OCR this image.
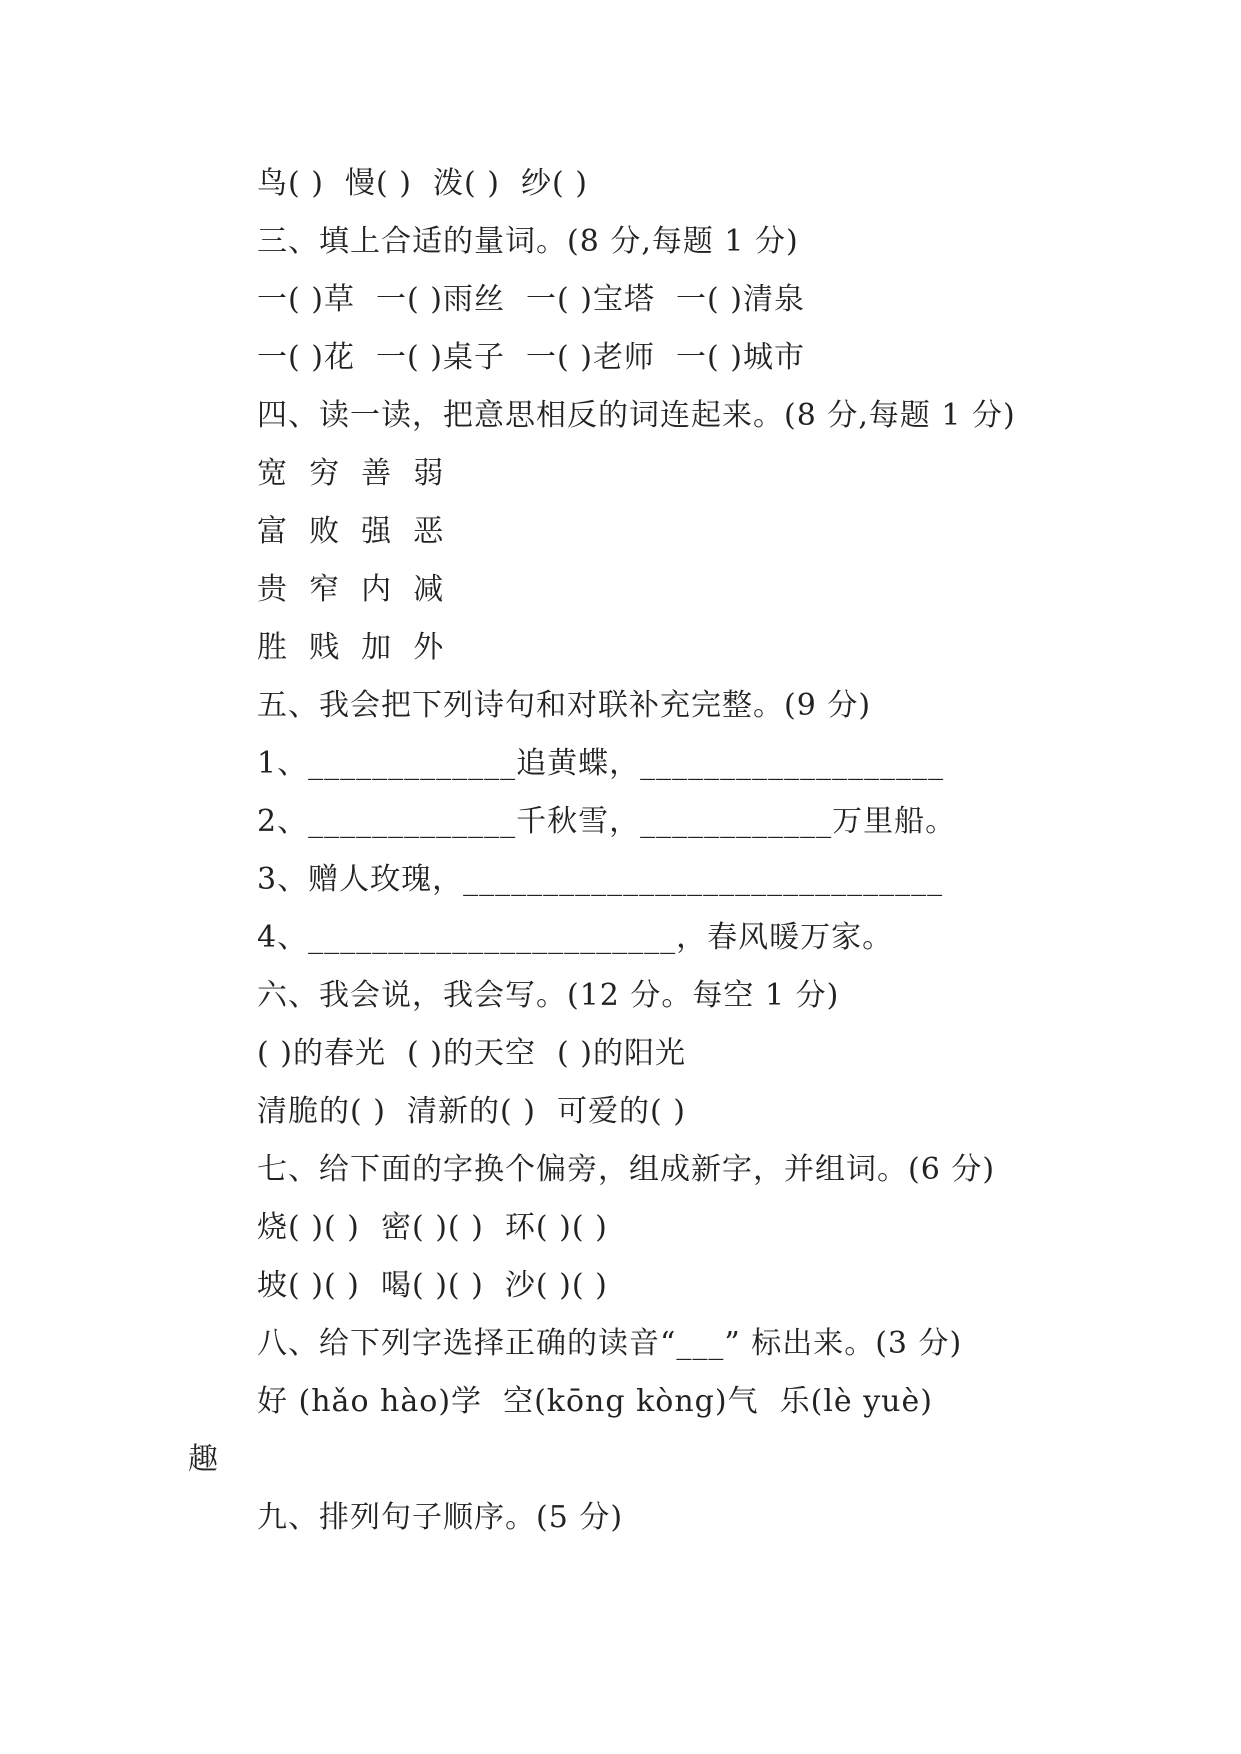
鸟( )  慢( )  泼( )  纱( )
三、填上合适的量词。(8 分,每题 1 分)
一( )草  一( )雨丝  一( )宝塔  一( )清泉
一( )花  一( )桌子  一( )老师  一( )城市
四、读一读，把意思相反的词连起来。(8 分,每题 1 分)
宽  穷  善  弱
富  败  强  恶
贵  窄  内  减
胜  贱  加  外
五、我会把下列诗句和对联补充完整。(9 分)
1、_____________追黄蝶，___________________
2、_____________千秋雪，____________万里船。
3、赠人玫瑰，______________________________
4、_______________________，春风暖万家。
六、我会说，我会写。(12 分。每空 1 分)
( )的春光  ( )的天空  ( )的阳光
清脆的( )  清新的( )  可爱的( )
七、给下面的字换个偏旁，组成新字，并组词。(6 分)
烧( )( )  密( )( )  环( )( )
坡( )( )  喝( )( )  沙( )( )
八、给下列字选择正确的读音“___” 标出来。(3 分)
好 (hǎo hào)学  空(kōng kòng)气  乐(lè yuè)
趣
九、排列句子顺序。(5 分)
